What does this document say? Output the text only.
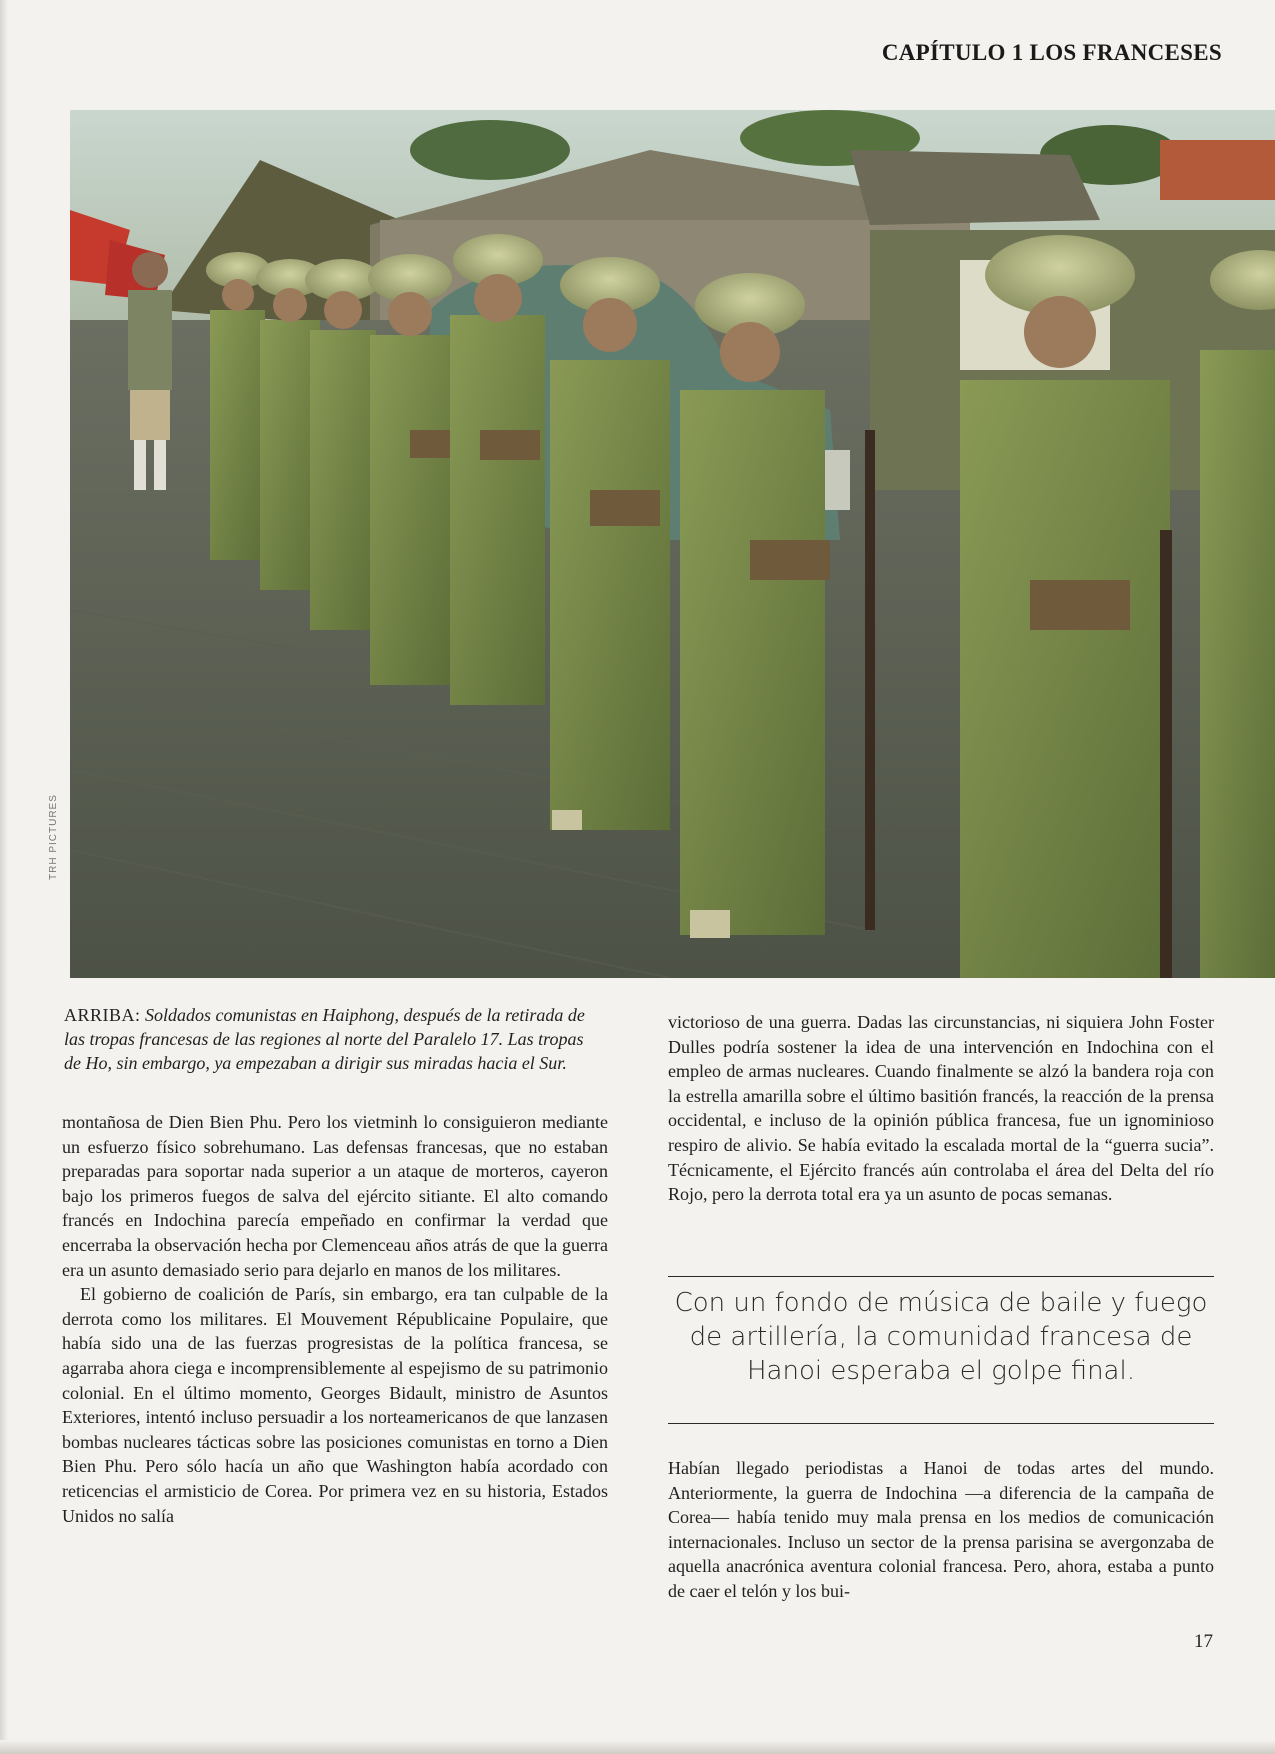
CAPÍTULO 1 LOS FRANCESES
TRH PICTURES
ARRIBA: Soldados comunistas en Haiphong, después de la retirada de las tropas francesas de las regiones al norte del Paralelo 17. Las tropas de Ho, sin embargo, ya empezaban a dirigir sus miradas hacia el Sur.

montañosa de Dien Bien Phu. Pero los vietminh lo consiguieron mediante un esfuerzo físico sobrehumano. Las defensas francesas, que no estaban preparadas para soportar nada superior a un ataque de morteros, cayeron bajo los primeros fuegos de salva del ejército sitiante. El alto comando francés en Indochina parecía empeñado en confirmar la verdad que encerraba la observación hecha por Clemenceau años atrás de que la guerra era un asunto demasiado serio para dejarlo en manos de los militares.

El gobierno de coalición de París, sin embargo, era tan culpable de la derrota como los militares. El Mouvement Républicaine Populaire, que había sido una de las fuerzas progresistas de la política francesa, se agarraba ahora ciega e incomprensiblemente al espejismo de su patrimonio colonial. En el último momento, Georges Bidault, ministro de Asuntos Exteriores, intentó incluso persuadir a los norteamericanos de que lanzasen bombas nucleares tácticas sobre las posiciones comunistas en torno a Dien Bien Phu. Pero sólo hacía un año que Washington había acordado con reticencias el armisticio de Corea. Por primera vez en su historia, Estados Unidos no salía

victorioso de una guerra. Dadas las circunstancias, ni siquiera John Foster Dulles podría sostener la idea de una intervención en Indochina con el empleo de armas nucleares. Cuando finalmente se alzó la bandera roja con la estrella amarilla sobre el último basitión francés, la reacción de la prensa occidental, e incluso de la opinión pública francesa, fue un ignominioso respiro de alivio. Se había evitado la escalada mortal de la “guerra sucia”. Técnicamente, el Ejército francés aún controlaba el área del Delta del río Rojo, pero la derrota total era ya un asunto de pocas semanas.

Con un fondo de música de baile y fuego de artillería, la comunidad francesa de Hanoi esperaba el golpe final.

Habían llegado periodistas a Hanoi de todas artes del mundo. Anteriormente, la guerra de Indochina —a diferencia de la campaña de Corea— había tenido muy mala prensa en los medios de comunicación internacionales. Incluso un sector de la prensa parisina se avergonzaba de aquella anacrónica aventura colonial francesa. Pero, ahora, estaba a punto de caer el telón y los bui-

17
